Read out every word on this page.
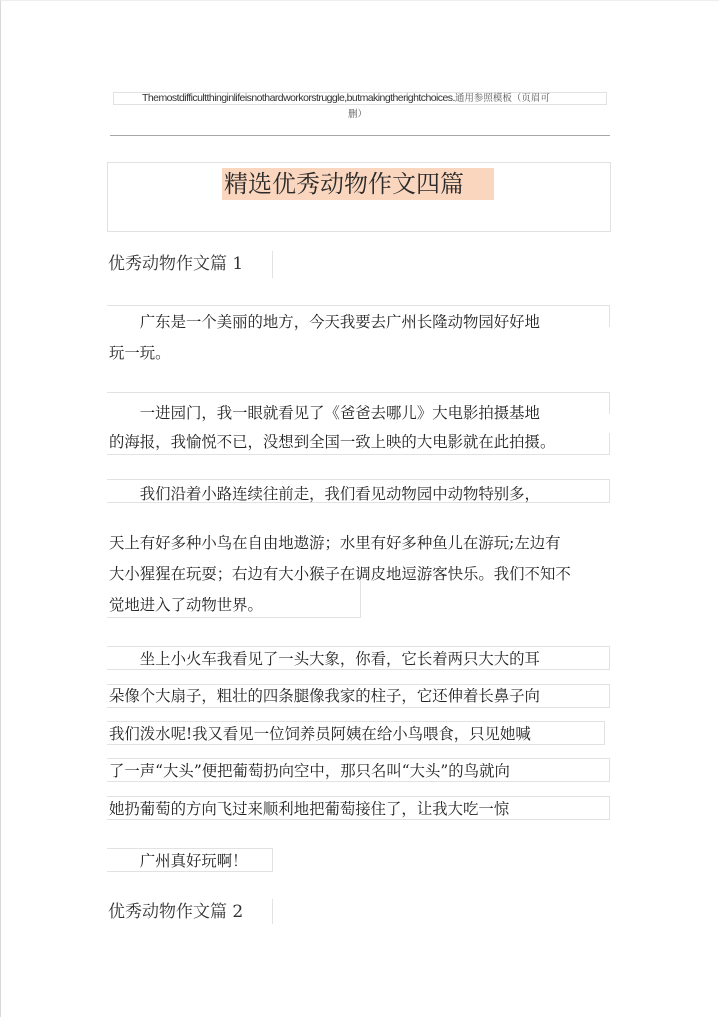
Themostdifficultthinginlifeisnothardworkorstruggle,butmakingtherightchoices.通用参照模板（页眉可
删）
精选优秀动物作文四篇
优秀动物作文篇 1
　　广东是一个美丽的地方，今天我要去广州长隆动物园好好地
玩一玩。
　　一进园门，我一眼就看见了《爸爸去哪儿》大电影拍摄基地
的海报，我愉悦不已，没想到全国一致上映的大电影就在此拍摄。
　　我们沿着小路连续往前走，我们看见动物园中动物特别多，
天上有好多种小鸟在自由地遨游；水里有好多种鱼儿在游玩;左边有
大小猩猩在玩耍；右边有大小猴子在调皮地逗游客快乐。我们不知不
觉地进入了动物世界。
　　坐上小火车我看见了一头大象，你看，它长着两只大大的耳
朵像个大扇子，粗壮的四条腿像我家的柱子，它还伸着长鼻子向
我们泼水呢!我又看见一位饲养员阿姨在给小鸟喂食，只见她喊
了一声“大头”便把葡萄扔向空中，那只名叫“大头”的鸟就向
她扔葡萄的方向飞过来顺利地把葡萄接住了，让我大吃一惊
　　广州真好玩啊！
优秀动物作文篇 2
